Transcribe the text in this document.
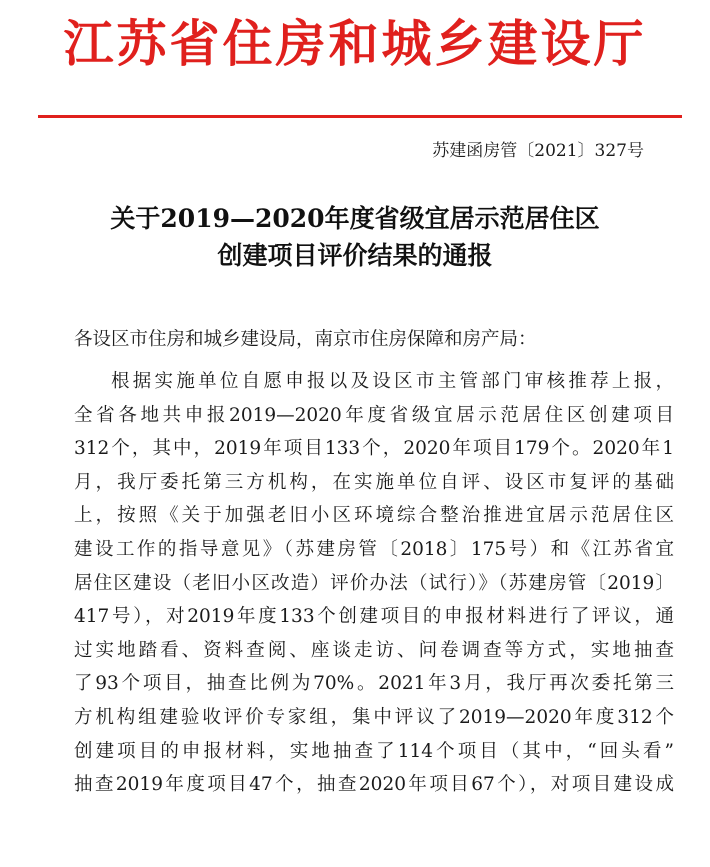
江苏省住房和城乡建设厅
苏建函房管〔2021〕327号
关于2019—2020年度省级宜居示范居住区
创建项目评价结果的通报
各设区市住房和城乡建设局，南京市住房保障和房产局：
根据实施单位自愿申报以及设区市主管部门审核推荐上报，
全省各地共申报2019—2020年度省级宜居示范居住区创建项目
312个，其中，2019年项目133个，2020年项目179个。2020年1
月，我厅委托第三方机构，在实施单位自评、设区市复评的基础
上，按照《关于加强老旧小区环境综合整治推进宜居示范居住区
建设工作的指导意见》（苏建房管〔2018〕175号）和《江苏省宜
居住区建设（老旧小区改造）评价办法（试行）》（苏建房管〔2019〕
417号），对2019年度133个创建项目的申报材料进行了评议，通
过实地踏看、资料查阅、座谈走访、问卷调查等方式，实地抽查
了93个项目，抽查比例为70%。2021年3月，我厅再次委托第三
方机构组建验收评价专家组，集中评议了2019—2020年度312个
创建项目的申报材料，实地抽查了114个项目（其中，“回头看”
抽查2019年度项目47个，抽查2020年项目67个），对项目建设成
